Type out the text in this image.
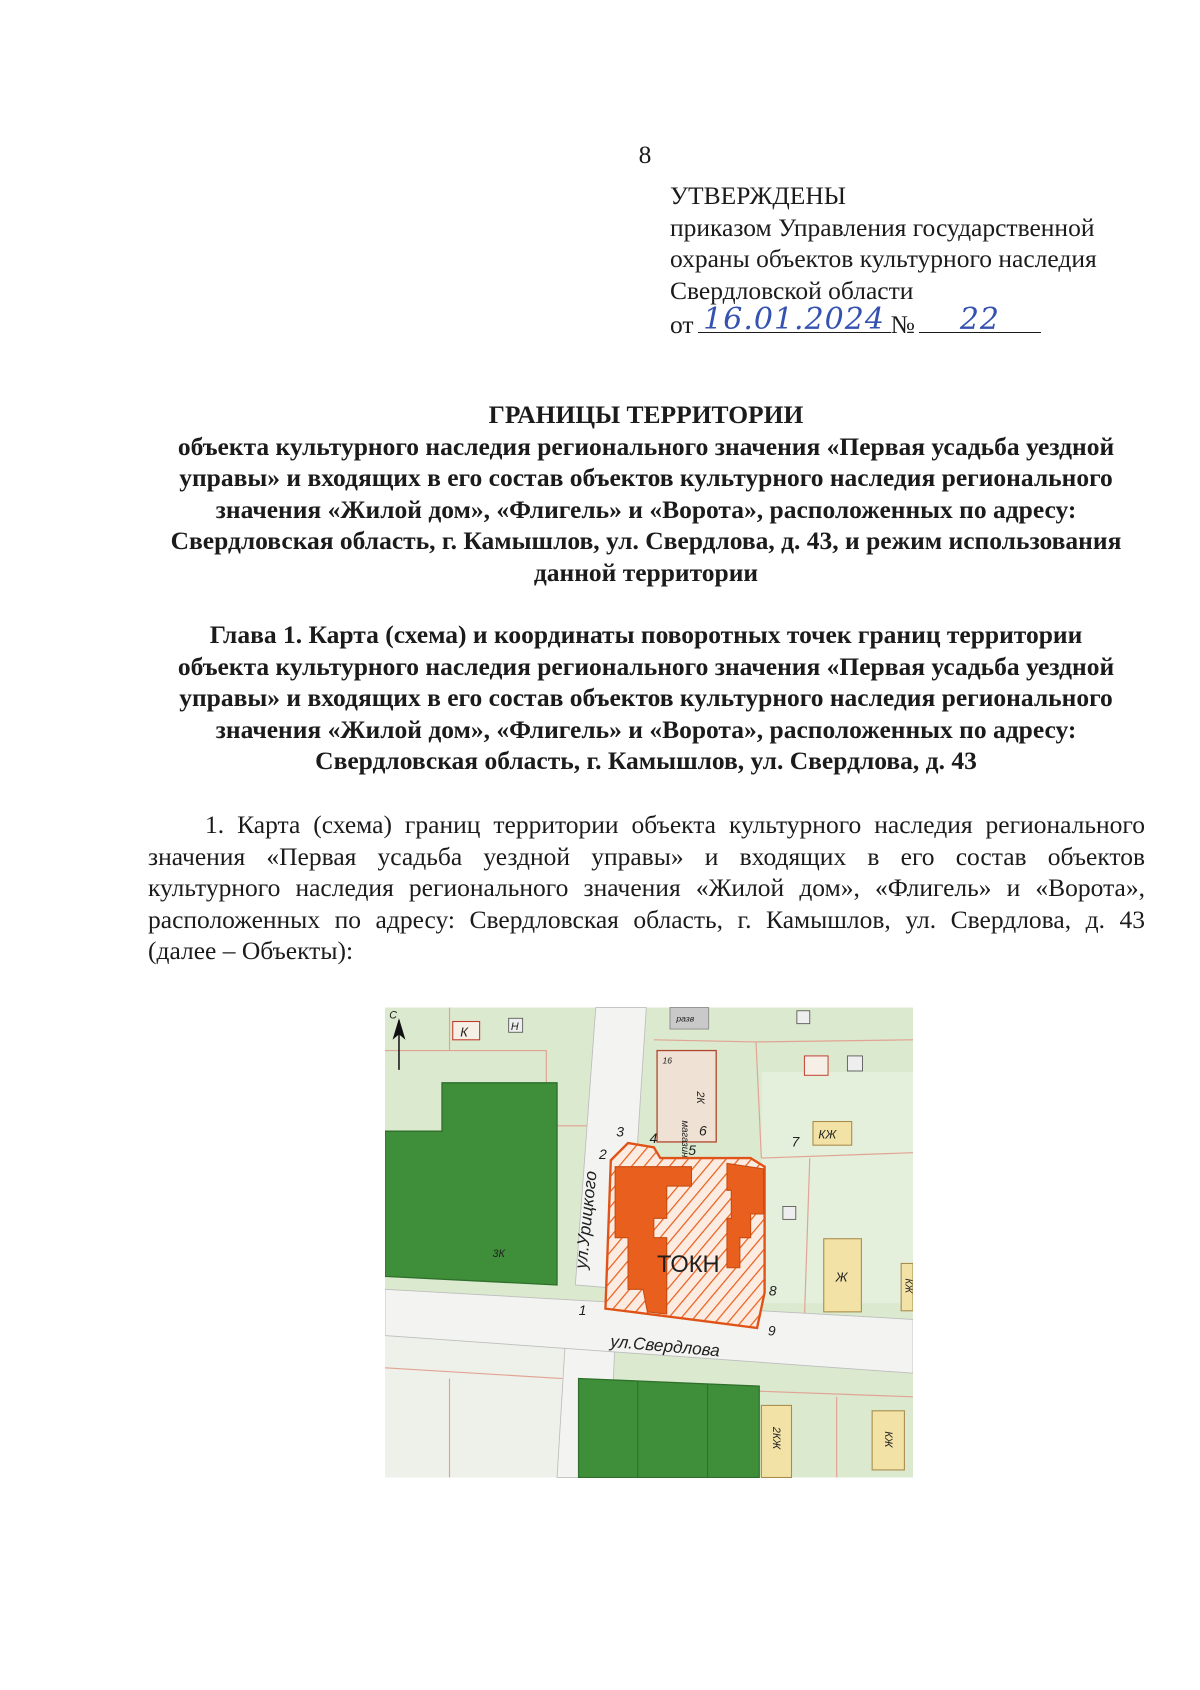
8
УТВЕРЖДЕНЫ
приказом Управления государственной
охраны объектов культурного наследия
Свердловской области
от 16.01.2024 №	22
ГРАНИЦЫ ТЕРРИТОРИИ
объекта культурного наследия регионального значения «Первая усадьба уездной
управы» и входящих в его состав объектов культурного наследия регионального
значения «Жилой дом», «Флигель» и «Ворота», расположенных по адресу:
Свердловская область, г. Камышлов, ул. Свердлова, д. 43, и режим использования
данной территории
Глава 1. Карта (схема) и координаты поворотных точек границ территории
объекта культурного наследия регионального значения «Первая усадьба уездной
управы» и входящих в его состав объектов культурного наследия регионального
значения «Жилой дом», «Флигель» и «Ворота», расположенных по адресу:
Свердловская область, г. Камышлов, ул. Свердлова, д. 43
1. Карта (схема) границ территории объекта культурного наследия регионального
значения «Первая усадьба уездной управы» и входящих в его состав объектов
культурного наследия регионального значения «Жилой дом», «Флигель» и «Ворота»,
расположенных по адресу: Свердловская область, г. Камышлов, ул. Свердлова, д. 43
(далее – Объекты):
С
К	Н
3К
разв
16
магазин
2К
КЖ
ТОКН
1
2
3 4
5
6
7
8
9
Ж
КЖ
ул.Урицкого
ул.Свердлова
2КЖ	КЖ
